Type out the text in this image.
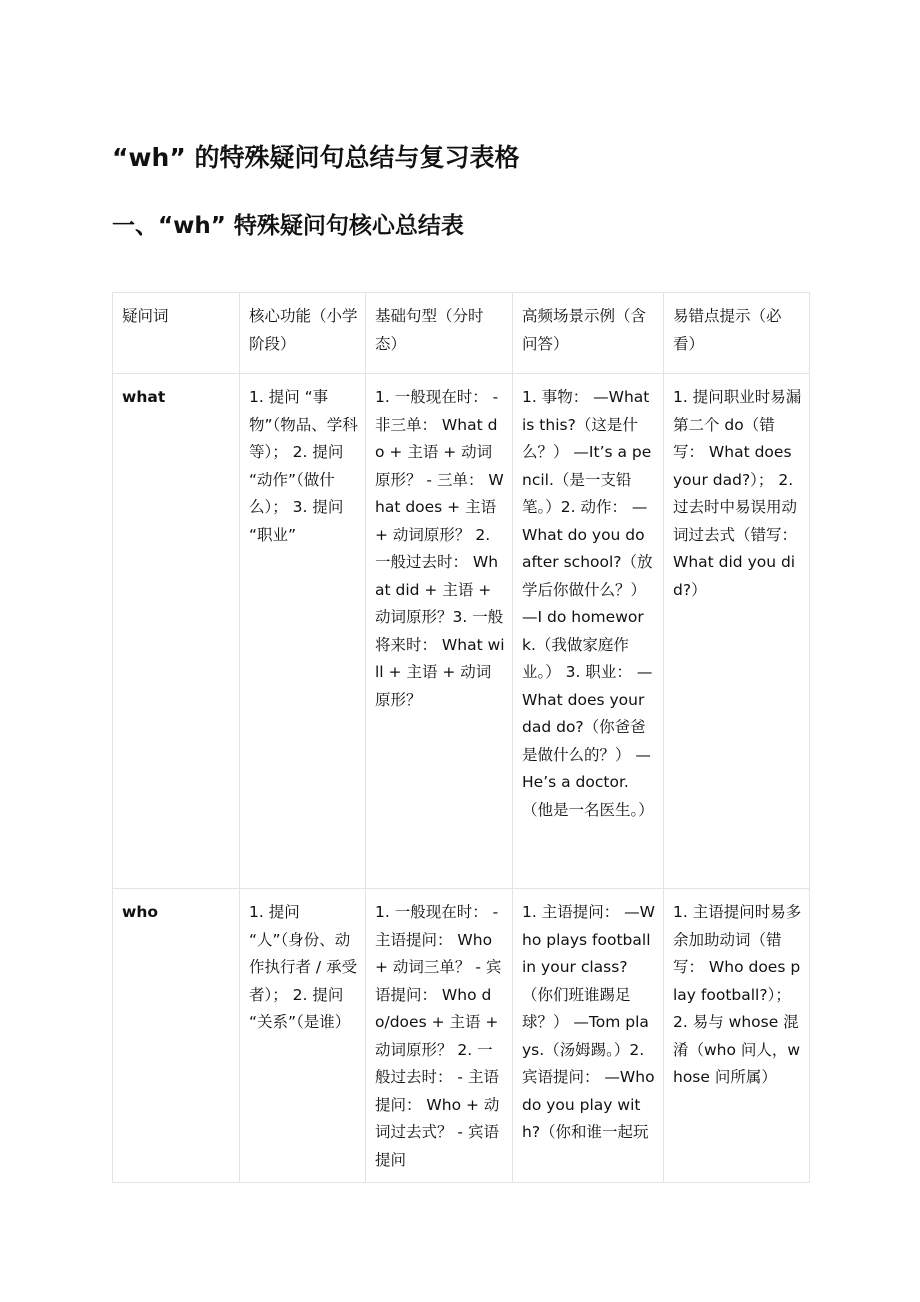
“wh” 的特殊疑问句总结与复习表格
一、“wh” 特殊疑问句核心总结表
疑问词	核心功能（小学阶段）	基础句型（分时态）	高频场景示例（含问答）	易错点提示（必看）
what	1. 提问 “事物”（物品、学科等）； 2. 提问 “动作”（做什么）； 3. 提问 “职业”	1. 一般现在时： - 非三单： What do + 主语 + 动词原形？ - 三单： What does + 主语 + 动词原形？ 2. 一般过去时： What did + 主语 + 动词原形？3. 一般将来时： What will + 主语 + 动词原形？	1. 事物： —What is this?（这是什么？） —It’s a pencil.（是一支铅笔。）2. 动作： —What do you do after school?（放学后你做什么？） —I do homework.（我做家庭作业。） 3. 职业： —What does your dad do?（你爸爸是做什么的？） —He’s a doctor.（他是一名医生。）	1. 提问职业时易漏第二个 do（错写： What does your dad?）； 2. 过去时中易误用动词过去式（错写： What did you did?）
who	1. 提问 “人”（身份、动作执行者 / 承受者）； 2. 提问 “关系”（是谁）	1. 一般现在时： - 主语提问： Who + 动词三单？ - 宾语提问： Who do/does + 主语 + 动词原形？ 2. 一般过去时： - 主语提问： Who + 动词过去式？ - 宾语提问	1. 主语提问： —Who plays football in your class?（你们班谁踢足球？） —Tom plays.（汤姆踢。）2. 宾语提问： —Who do you play with?（你和谁一起玩	1. 主语提问时易多余加助动词（错写： Who does play football?）； 2. 易与 whose 混淆（who 问人，whose 问所属）
